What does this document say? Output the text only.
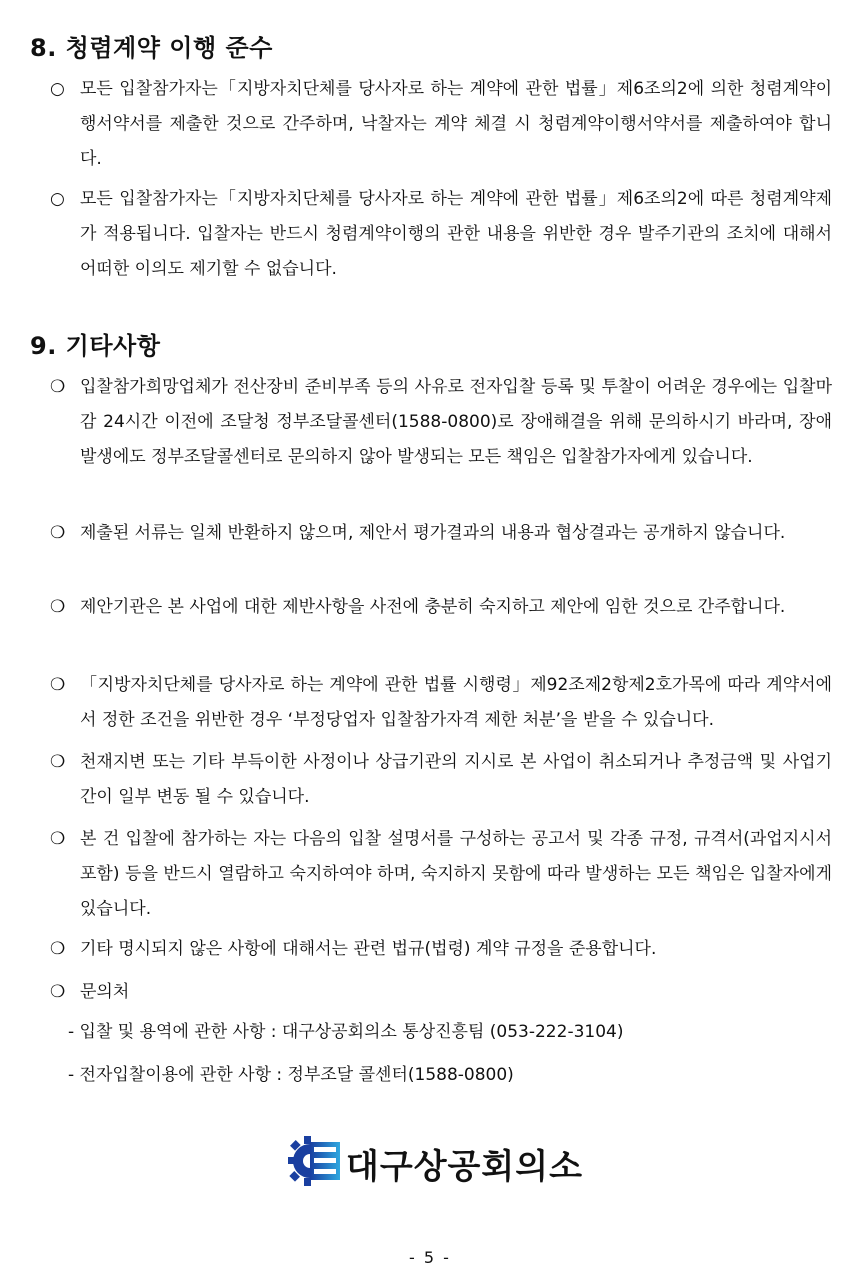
8. 청렴계약 이행 준수
○ 모든 입찰참가자는「지방자치단체를 당사자로 하는 계약에 관한 법률」제6조의2에 의한 청렴계약이행서약서를 제출한 것으로 간주하며, 낙찰자는 계약 체결 시 청렴계약이행서약서를 제출하여야 합니다.
○ 모든 입찰참가자는「지방자치단체를 당사자로 하는 계약에 관한 법률」제6조의2에 따른 청렴계약제가 적용됩니다. 입찰자는 반드시 청렴계약이행의 관한 내용을 위반한 경우 발주기관의 조치에 대해서 어떠한 이의도 제기할 수 없습니다.
9. 기타사항
❍ 입찰참가희망업체가 전산장비 준비부족 등의 사유로 전자입찰 등록 및 투찰이 어려운 경우에는 입찰마감 24시간 이전에 조달청 정부조달콜센터(1588-0800)로 장애해결을 위해 문의하시기 바라며, 장애발생에도 정부조달콜센터로 문의하지 않아 발생되는 모든 책임은 입찰참가자에게 있습니다.
❍ 제출된 서류는 일체 반환하지 않으며, 제안서 평가결과의 내용과 협상결과는 공개하지 않습니다.
❍ 제안기관은 본 사업에 대한 제반사항을 사전에 충분히 숙지하고 제안에 임한 것으로 간주합니다.
❍ 「지방자치단체를 당사자로 하는 계약에 관한 법률 시행령」제92조제2항제2호가목에 따라 계약서에서 정한 조건을 위반한 경우 ‘부정당업자 입찰참가자격 제한 처분’을 받을 수 있습니다.
❍ 천재지변 또는 기타 부득이한 사정이나 상급기관의 지시로 본 사업이 취소되거나 추정금액 및 사업기간이 일부 변동 될 수 있습니다.
❍ 본 건 입찰에 참가하는 자는 다음의 입찰 설명서를 구성하는 공고서 및 각종 규정, 규격서(과업지시서 포함) 등을 반드시 열람하고 숙지하여야 하며, 숙지하지 못함에 따라 발생하는 모든 책임은 입찰자에게 있습니다.
❍ 기타 명시되지 않은 사항에 대해서는 관련 법규(법령) 계약 규정을 준용합니다.
❍ 문의처
- 입찰 및 용역에 관한 사항 : 대구상공회의소 통상진흥팀 (053-222-3104)
- 전자입찰이용에 관한 사항 : 정부조달 콜센터(1588-0800)
대구상공회의소
- 5 -
